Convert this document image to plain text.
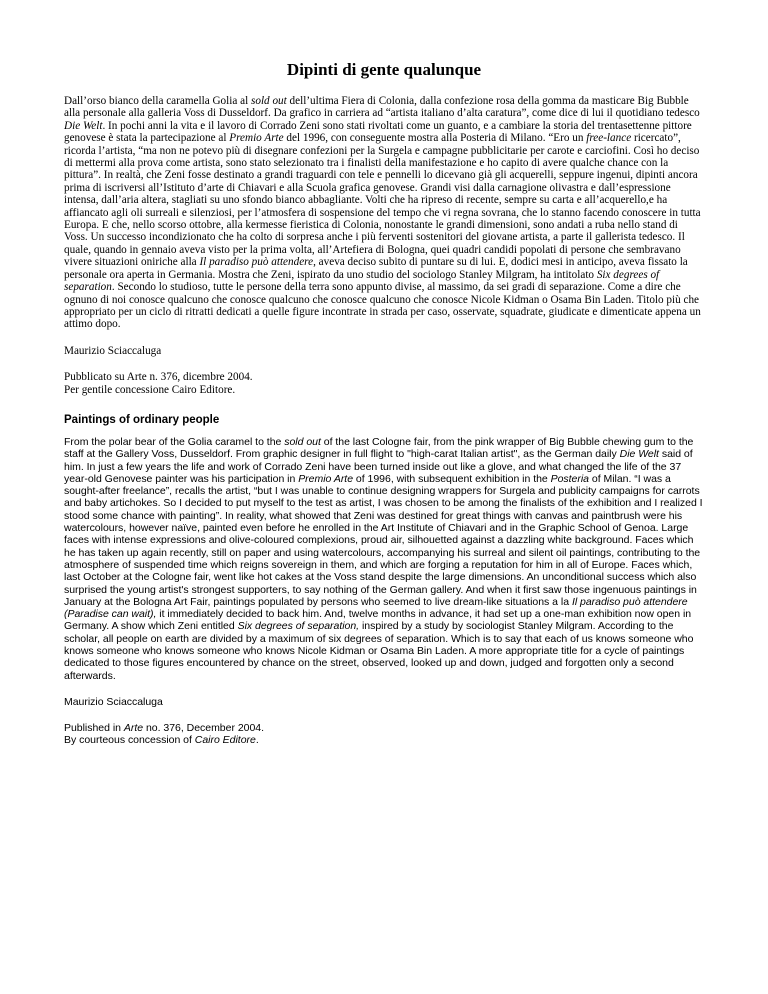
Dipinti di gente qualunque

Dall’orso bianco della caramella Golia al sold out dell’ultima Fiera di Colonia, dalla confezione rosa della gomma da masticare Big Bubble alla personale alla galleria Voss di Dusseldorf. Da grafico in carriera ad “artista italiano d’alta caratura”, come dice di lui il quotidiano tedesco Die Welt. In pochi anni la vita e il lavoro di Corrado Zeni sono stati rivoltati come un guanto, e a cambiare la storia del trentasettenne pittore genovese è stata la partecipazione al Premio Arte del 1996, con conseguente mostra alla Posteria di Milano. “Ero un free-lance ricercato”, ricorda l’artista, “ma non ne potevo più di disegnare confezioni per la Surgela e campagne pubblicitarie per carote e carciofini. Così ho deciso di mettermi alla prova come artista, sono stato selezionato tra i finalisti della manifestazione e ho capito di avere qualche chance con la pittura”. In realtà, che Zeni fosse destinato a grandi traguardi con tele e pennelli lo dicevano già gli acquerelli, seppure ingenui, dipinti ancora prima di iscriversi all’Istituto d’arte di Chiavari e alla Scuola grafica genovese. Grandi visi dalla carnagione olivastra e dall’espressione intensa, dall’aria altera, stagliati su uno sfondo bianco abbagliante. Volti che ha ripreso di recente, sempre su carta e all’acquerello,e ha affiancato agli oli surreali e silenziosi, per l’atmosfera di sospensione del tempo che vi regna sovrana, che lo stanno facendo conoscere in tutta Europa. E che, nello scorso ottobre, alla kermesse fieristica di Colonia, nonostante le grandi dimensioni, sono andati a ruba nello stand di Voss. Un successo incondizionato che ha colto di sorpresa anche i più ferventi sostenitori del giovane artista, a parte il gallerista tedesco. Il quale, quando in gennaio aveva visto per la prima volta, all’Artefiera di Bologna, quei quadri candidi popolati di persone che sembravano vivere situazioni oniriche alla Il paradiso può attendere, aveva deciso subito di puntare su di lui. E, dodici mesi in anticipo, aveva fissato la personale ora aperta in Germania. Mostra che Zeni, ispirato da uno studio del sociologo Stanley Milgram, ha intitolato Six degrees of separation. Secondo lo studioso, tutte le persone della terra sono appunto divise, al massimo, da sei gradi di separazione. Come a dire che ognuno di noi conosce qualcuno che conosce qualcuno che conosce qualcuno che conosce Nicole Kidman o Osama Bin Laden. Titolo più che appropriato per un ciclo di ritratti dedicati a quelle figure incontrate in strada per caso, osservate, squadrate, giudicate e dimenticate appena un attimo dopo.

Maurizio Sciaccaluga

Pubblicato su Arte n. 376, dicembre 2004.

Per gentile concessione Cairo Editore.

Paintings of ordinary people

From the polar bear of the Golia caramel to the sold out of the last Cologne fair, from the pink wrapper of Big Bubble chewing gum to the staff at the Gallery Voss, Dusseldorf. From graphic designer in full flight to "high-carat Italian artist", as the German daily Die Welt said of him. In just a few years the life and work of Corrado Zeni have been turned inside out like a glove, and what changed the life of the 37 year-old Genovese painter was his participation in Premio Arte of 1996, with subsequent exhibition in the Posteria of Milan. “I was a sought-after freelance”, recalls the artist, “but I was unable to continue designing wrappers for Surgela and publicity campaigns for carrots and baby artichokes. So I decided to put myself to the test as artist, I was chosen to be among the finalists of the exhibition and I realized I stood some chance with painting”. In reality, what showed that Zeni was destined for great things with canvas and paintbrush were his watercolours, however naïve, painted even before he enrolled in the Art Institute of Chiavari and in the Graphic School of Genoa. Large faces with intense expressions and olive-coloured complexions, proud air, silhouetted against a dazzling white background. Faces which he has taken up again recently, still on paper and using watercolours, accompanying his surreal and silent oil paintings, contributing to the atmosphere of suspended time which reigns sovereign in them, and which are forging a reputation for him in all of Europe. Faces which, last October at the Cologne fair, went like hot cakes at the Voss stand despite the large dimensions. An unconditional success which also surprised the young artist's strongest supporters, to say nothing of the German gallery. And when it first saw those ingenuous paintings in January at the Bologna Art Fair, paintings populated by persons who seemed to live dream-like situations a la Il paradiso può attendere (Paradise can wait), it immediately decided to back him. And, twelve months in advance, it had set up a one-man exhibition now open in Germany. A show which Zeni entitled Six degrees of separation, inspired by a study by sociologist Stanley Milgram. According to the scholar, all people on earth are divided by a maximum of six degrees of separation. Which is to say that each of us knows someone who knows someone who knows someone who knows Nicole Kidman or Osama Bin Laden. A more appropriate title for a cycle of paintings dedicated to those figures encountered by chance on the street, observed, looked up and down, judged and forgotten only a second afterwards.

Maurizio Sciaccaluga

Published in Arte no. 376, December 2004.

By courteous concession of Cairo Editore.
